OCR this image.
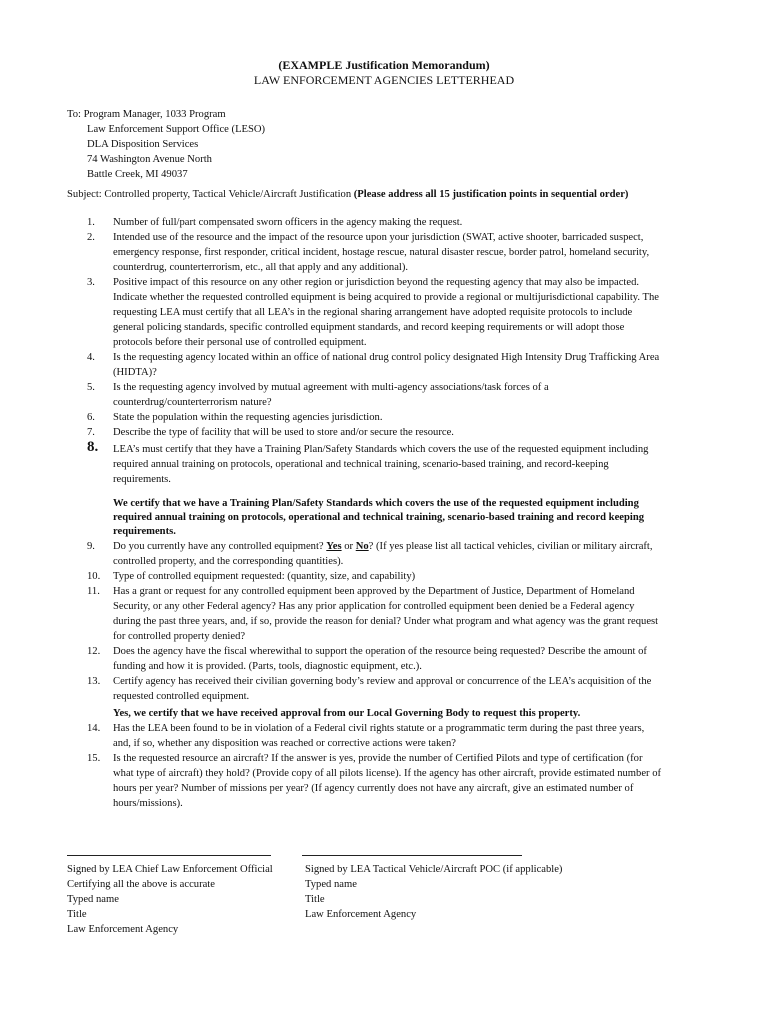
(EXAMPLE Justification Memorandum)
LAW ENFORCEMENT AGENCIES LETTERHEAD
To: Program Manager, 1033 Program
Law Enforcement Support Office (LESO)
DLA Disposition Services
74 Washington Avenue North
Battle Creek, MI 49037
Subject: Controlled property, Tactical Vehicle/Aircraft Justification (Please address all 15 justification points in sequential order)
1.	Number of full/part compensated sworn officers in the agency making the request.
2.	Intended use of the resource and the impact of the resource upon your jurisdiction (SWAT, active shooter, barricaded suspect,
emergency response, first responder, critical incident, hostage rescue, natural disaster rescue, border patrol, homeland security,
counterdrug, counterterrorism, etc., all that apply and any additional).
3.	Positive impact of this resource on any other region or jurisdiction beyond the requesting agency that may also be impacted.
Indicate whether the requested controlled equipment is being acquired to provide a regional or multijurisdictional capability. The
requesting LEA must certify that all LEA’s in the regional sharing arrangement have adopted requisite protocols to include
general policing standards, specific controlled equipment standards, and record keeping requirements or will adopt those
protocols before their personal use of controlled equipment.
4.	Is the requesting agency located within an office of national drug control policy designated High Intensity Drug Trafficking Area
(HIDTA)?
5.	Is the requesting agency involved by mutual agreement with multi-agency associations/task forces of a
counterdrug/counterterrorism nature?
6.	State the population within the requesting agencies jurisdiction.
7.	Describe the type of facility that will be used to store and/or secure the resource.
8.	LEA’s must certify that they have a Training Plan/Safety Standards which covers the use of the requested equipment including
required annual training on protocols, operational and technical training, scenario-based training, and record-keeping
requirements.
We certify that we have a Training Plan/Safety Standards which covers the use of the requested equipment including
required annual training on protocols, operational and technical training, scenario-based training and record keeping
requirements.
9.	Do you currently have any controlled equipment? Yes or No? (If yes please list all tactical vehicles, civilian or military aircraft,
controlled property, and the corresponding quantities).
10.	Type of controlled equipment requested: (quantity, size, and capability)
11.	Has a grant or request for any controlled equipment been approved by the Department of Justice, Department of Homeland
Security, or any other Federal agency? Has any prior application for controlled equipment been denied be a Federal agency
during the past three years, and, if so, provide the reason for denial? Under what program and what agency was the grant request
for controlled property denied?
12.	Does the agency have the fiscal wherewithal to support the operation of the resource being requested? Describe the amount of
funding and how it is provided. (Parts, tools, diagnostic equipment, etc.).
13.	Certify agency has received their civilian governing body’s review and approval or concurrence of the LEA’s acquisition of the
requested controlled equipment.
Yes, we certify that we have received approval from our Local Governing Body to request this property.
14.	Has the LEA been found to be in violation of a Federal civil rights statute or a programmatic term during the past three years,
and, if so, whether any disposition was reached or corrective actions were taken?
15.	Is the requested resource an aircraft? If the answer is yes, provide the number of Certified Pilots and type of certification (for
what type of aircraft) they hold? (Provide copy of all pilots license). If the agency has other aircraft, provide estimated number of
hours per year? Number of missions per year? (If agency currently does not have any aircraft, give an estimated number of
hours/missions).
Signed by LEA Chief Law Enforcement Official
Certifying all the above is accurate
Typed name
Title
Law Enforcement Agency
Signed by LEA Tactical Vehicle/Aircraft POC (if applicable)
Typed name
Title
Law Enforcement Agency
